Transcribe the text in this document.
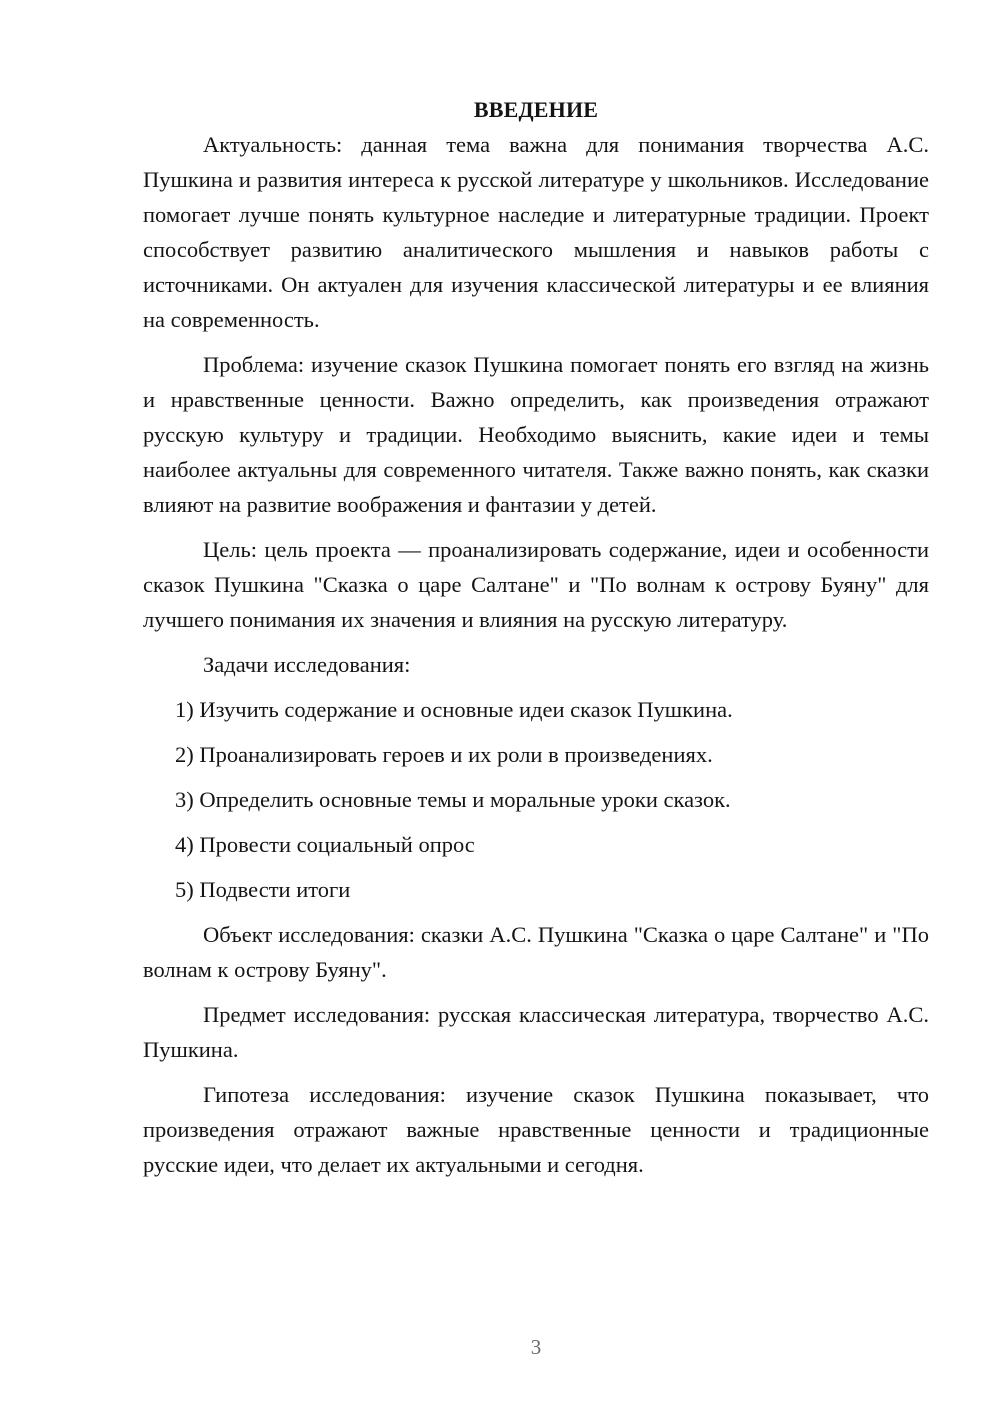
ВВЕДЕНИЕ

Актуальность: данная тема важна для понимания творчества А.С. Пушкина и развития интереса к русской литературе у школьников. Исследование помогает лучше понять культурное наследие и литературные традиции. Проект способствует развитию аналитического мышления и навыков работы с источниками. Он актуален для изучения классической литературы и ее влияния на современность.

Проблема: изучение сказок Пушкина помогает понять его взгляд на жизнь и нравственные ценности. Важно определить, как произведения отражают русскую культуру и традиции. Необходимо выяснить, какие идеи и темы наиболее актуальны для современного читателя. Также важно понять, как сказки влияют на развитие воображения и фантазии у детей.

Цель: цель проекта — проанализировать содержание, идеи и особенности сказок Пушкина "Сказка о царе Салтане" и "По волнам к острову Буяну" для лучшего понимания их значения и влияния на русскую литературу.

Задачи исследования:

1) Изучить содержание и основные идеи сказок Пушкина.

2) Проанализировать героев и их роли в произведениях.

3) Определить основные темы и моральные уроки сказок.

4) Провести социальный опрос

5) Подвести итоги

Объект исследования: сказки А.С. Пушкина "Сказка о царе Салтане" и "По волнам к острову Буяну".

Предмет исследования: русская классическая литература, творчество А.С. Пушкина.

Гипотеза исследования: изучение сказок Пушкина показывает, что произведения отражают важные нравственные ценности и традиционные русские идеи, что делает их актуальными и сегодня.

3
